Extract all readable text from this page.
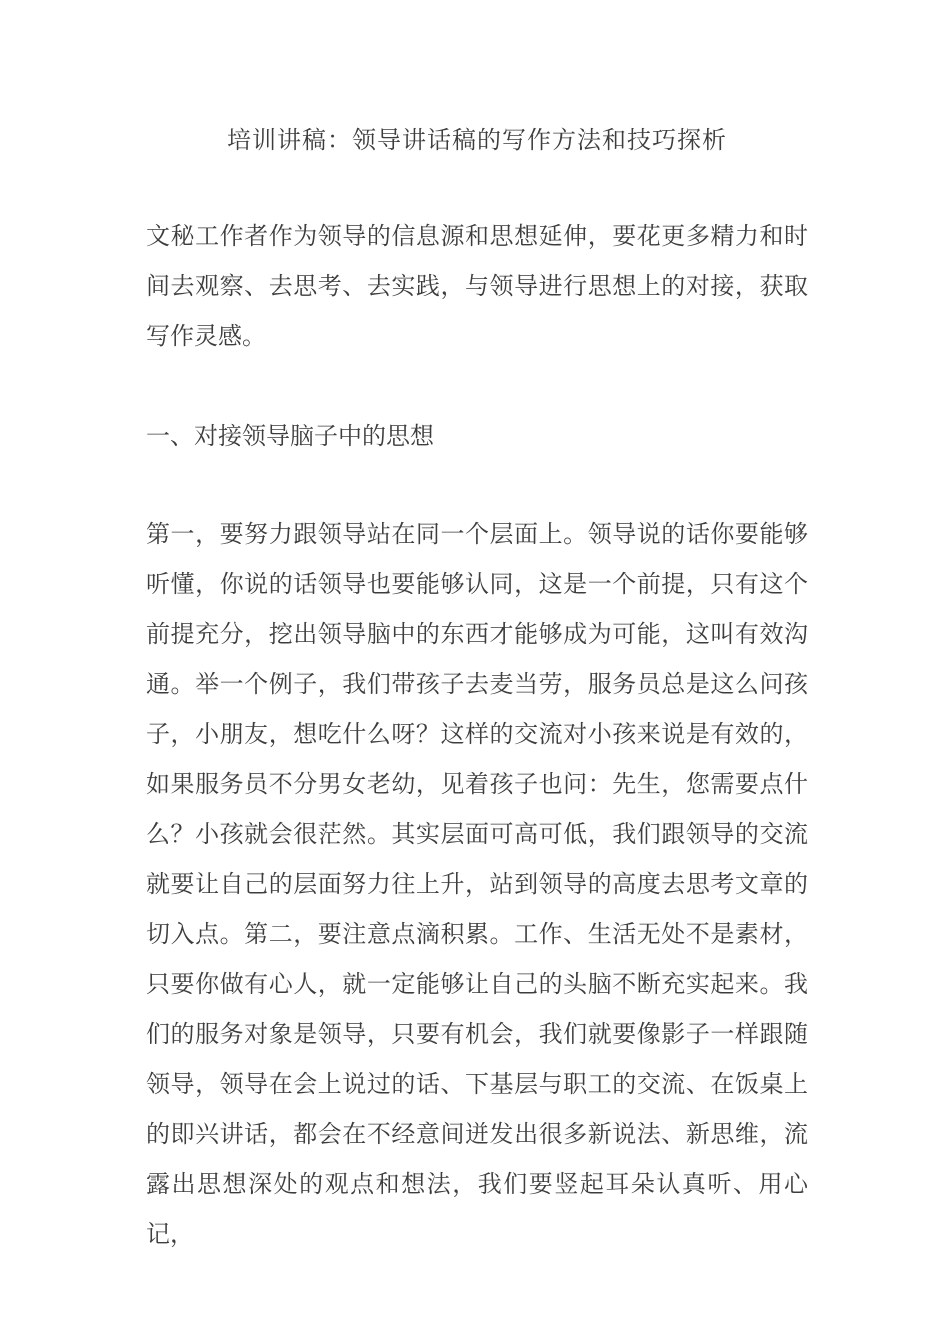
培训讲稿：领导讲话稿的写作方法和技巧探析

文秘工作者作为领导的信息源和思想延伸，要花更多精力和时间去观察、去思考、去实践，与领导进行思想上的对接，获取写作灵感。

一、对接领导脑子中的思想

第一，要努力跟领导站在同一个层面上。领导说的话你要能够听懂，你说的话领导也要能够认同，这是一个前提，只有这个前提充分，挖出领导脑中的东西才能够成为可能，这叫有效沟通。举一个例子，我们带孩子去麦当劳，服务员总是这么问孩子，小朋友，想吃什么呀？这样的交流对小孩来说是有效的，如果服务员不分男女老幼，见着孩子也问：先生，您需要点什么？小孩就会很茫然。其实层面可高可低，我们跟领导的交流就要让自己的层面努力往上升，站到领导的高度去思考文章的切入点。第二，要注意点滴积累。工作、生活无处不是素材，只要你做有心人，就一定能够让自己的头脑不断充实起来。我们的服务对象是领导，只要有机会，我们就要像影子一样跟随领导，领导在会上说过的话、下基层与职工的交流、在饭桌上的即兴讲话，都会在不经意间迸发出很多新说法、新思维，流露出思想深处的观点和想法，我们要竖起耳朵认真听、用心记，
